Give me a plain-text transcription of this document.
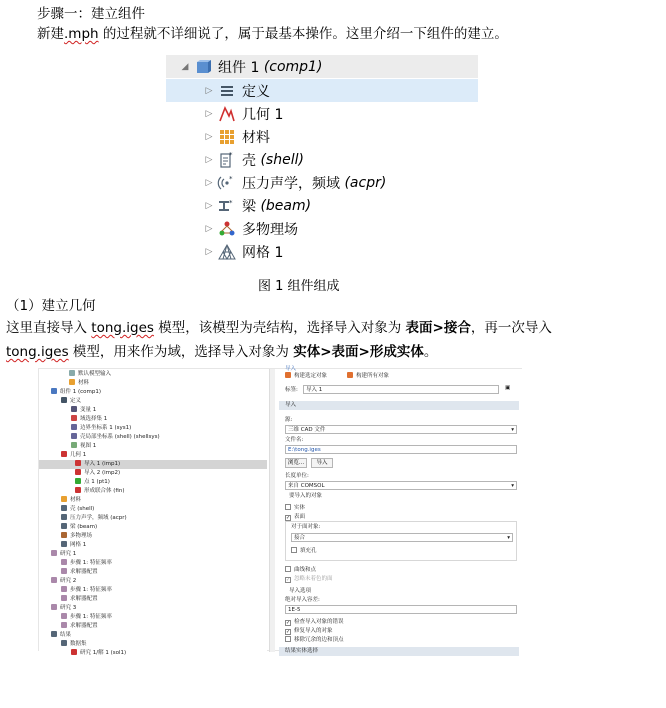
步骤一：建立组件
新建.mph 的过程就不详细说了，属于最基本操作。这里介绍一下组件的建立。
◢ 组件 1
(comp1)
▷ 定义
▷ 几何 1
▷ 材料
▷ * 壳
(shell)
▷ * 压力声学，频域
(acpr)
▷ * 梁
(beam)
▷ 多物理场
▷ 网格 1
图 1 组件组成
（1）建立几何
这里直接导入 tong.iges 模型，该模型为壳结构，选择导入对象为 表面>接合，再一次导入
tong.iges 模型，用来作为域，选择导入对象为 实体>表面>形成实体。
默认模型输入
材料
组件 1 (comp1)
定义
变量 1
域选择集 1
边界坐标系 1 (sys1)
壳局部坐标系 (shell) (shellsys)
视图 1
几何 1
导入 1 (imp1)
导入 2 (imp2)
点 1 (pt1)
形成联合体 (fin)
材料
壳 (shell)
压力声学，频域 (acpr)
梁 (beam)
多物理场
网格 1
研究 1
步骤 1: 特征频率
求解器配置
研究 2
步骤 1: 特征频率
求解器配置
研究 3
步骤 1: 特征频率
求解器配置
结果
数据集
研究 1/解 1 (sol1)
导入
构建选定对象	构建所有对象
标签: 导入 1	▣
导入
源:
三维 CAD 文件	▾
文件名:
E:\tong.iges
浏览...	导入
长度单位:
来自 COMSOL	▾
要导入的对象
实体
✓ 表面
对于面对象:
接合	▾
填充孔
曲线和点
✓ 忽略未着色的面
导入选项
绝对导入容差:
1E-5
✓ 检查导入对象的错误
✓ 修复导入的对象
移除冗余的边和顶点
结果实体选择
